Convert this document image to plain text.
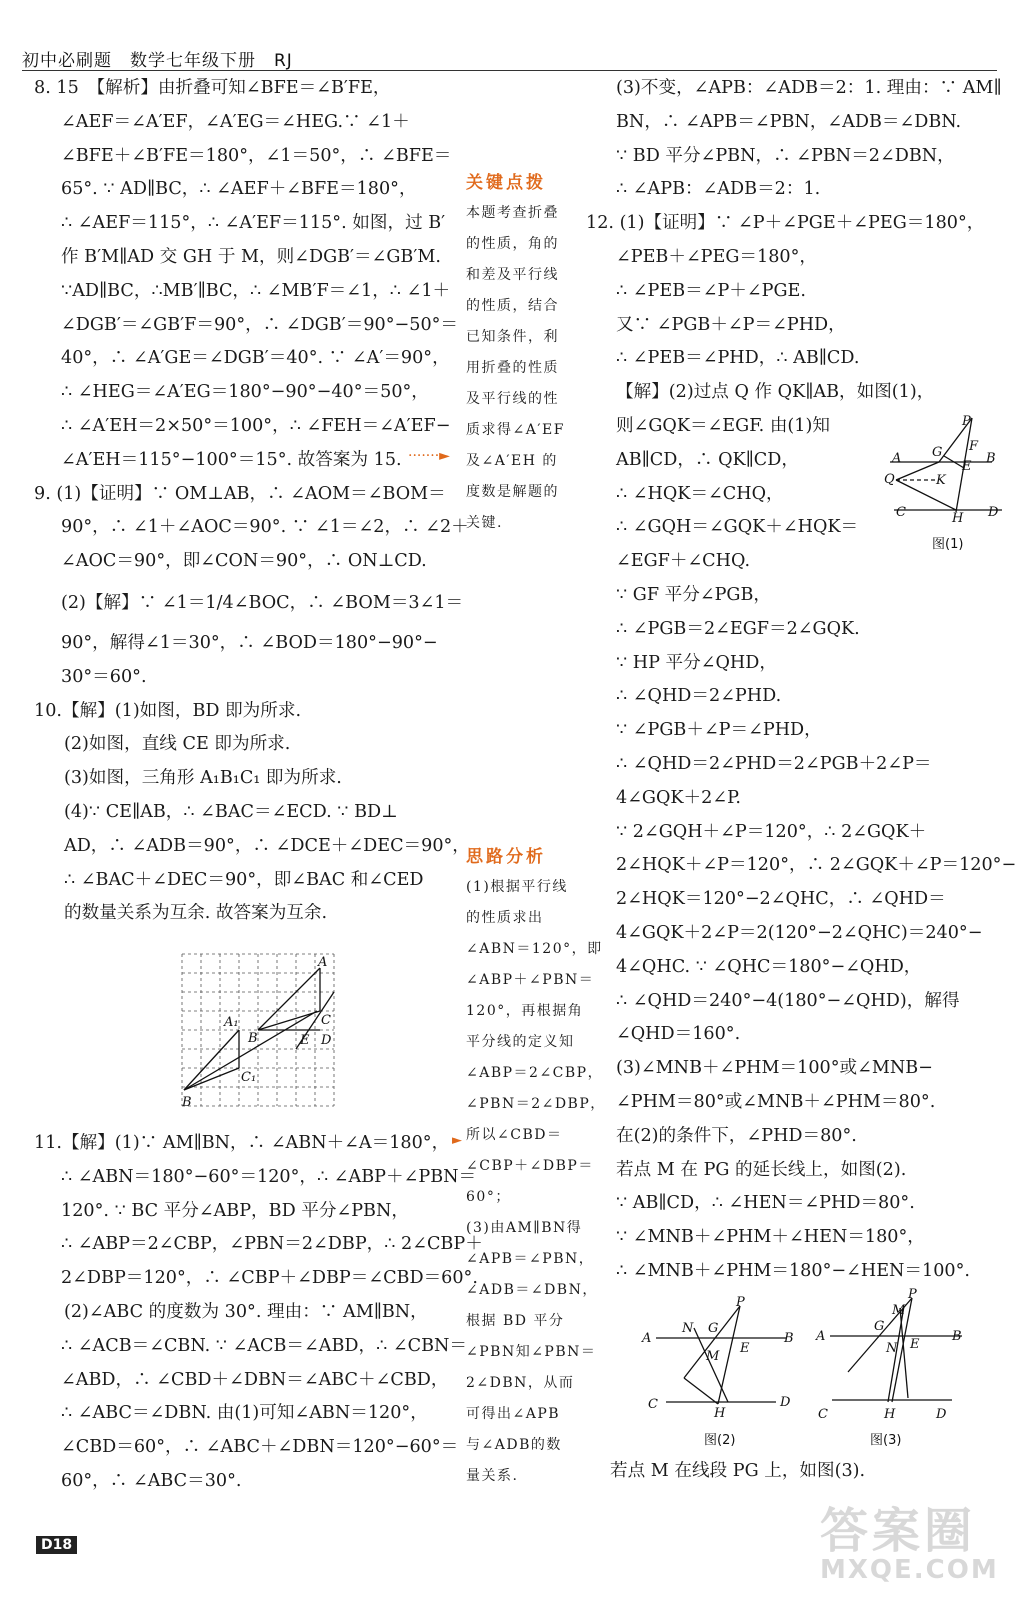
初中必刷题　数学七年级下册　RJ
8. 15　【解析】由折叠可知∠BFE＝∠B′FE，
∠AEF＝∠A′EF，∠A′EG＝∠HEG.∵ ∠1＋
∠BFE＋∠B′FE＝180°，∠1＝50°，∴ ∠BFE＝
65°. ∵ AD∥BC，∴ ∠AEF＋∠BFE＝180°，
∴ ∠AEF＝115°，∴ ∠A′EF＝115°. 如图，过 B′
作 B′M∥AD 交 GH 于 M，则∠DGB′＝∠GB′M.
∵AD∥BC，∴MB′∥BC，∴ ∠MB′F＝∠1，∴ ∠1＋
∠DGB′＝∠GB′F＝90°，∴ ∠DGB′＝90°−50°＝
40°，∴ ∠A′GE＝∠DGB′＝40°. ∵ ∠A′＝90°，
∴ ∠HEG＝∠A′EG＝180°−90°−40°＝50°，
∴ ∠A′EH＝2×50°＝100°，∴ ∠FEH＝∠A′EF−
∠A′EH＝115°−100°＝15°. 故答案为 15.
9. (1)【证明】∵ OM⊥AB，∴ ∠AOM＝∠BOM＝
90°，∴ ∠1＋∠AOC＝90°. ∵ ∠1＝∠2，∴ ∠2＋
∠AOC＝90°，即∠CON＝90°，∴ ON⊥CD.
(2)【解】∵ ∠1＝1/4∠BOC，∴ ∠BOM＝3∠1＝
90°，解得∠1＝30°，∴ ∠BOD＝180°−90°−
30°＝60°.
10.【解】(1)如图，BD 即为所求.
(2)如图，直线 CE 即为所求.
(3)如图，三角形 A₁B₁C₁ 即为所求.
(4)∵ CE∥AB，∴ ∠BAC＝∠ECD. ∵ BD⊥
AD，∴ ∠ADB＝90°，∴ ∠DCE＋∠DEC＝90°，
∴ ∠BAC＋∠DEC＝90°，即∠BAC 和∠CED
的数量关系为互余. 故答案为互余.
A
A₁
B
C
E D
C₁
B
11.【解】(1)∵ AM∥BN，∴ ∠ABN＋∠A＝180°，
∴ ∠ABN＝180°−60°＝120°，∴ ∠ABP＋∠PBN＝
120°. ∵ BC 平分∠ABP，BD 平分∠PBN，
∴ ∠ABP＝2∠CBP，∠PBN＝2∠DBP，∴ 2∠CBP＋
2∠DBP＝120°，∴ ∠CBP＋∠DBP＝∠CBD＝60°.
(2)∠ABC 的度数为 30°. 理由：∵ AM∥BN，
∴ ∠ACB＝∠CBN. ∵ ∠ACB＝∠ABD，∴ ∠CBN＝
∠ABD，∴ ∠CBD＋∠DBN＝∠ABC＋∠CBD，
∴ ∠ABC＝∠DBN. 由(1)可知∠ABN＝120°，
∠CBD＝60°，∴ ∠ABC＋∠DBN＝120°−60°＝
60°，∴ ∠ABC＝30°.
关键点拨
本题考查折叠
的性质，角的
和差及平行线
的性质，结合
已知条件，利
用折叠的性质
及平行线的性
质求得∠A′EF
及∠A′EH 的
度数是解题的
关键.
·······►
思路分析
(1)根据平行线
的性质求出
∠ABN＝120°，即
∠ABP＋∠PBN＝
120°，再根据角
平分线的定义知
∠ABP＝2∠CBP，
∠PBN＝2∠DBP，
所以∠CBD＝
∠CBP＋∠DBP＝
60°；
(3)由AM∥BN得
∠APB＝∠PBN，
∠ADB＝∠DBN，
根据 BD 平分
∠PBN知∠PBN＝
2∠DBN，从而
可得出∠APB
与∠ADB的数
量关系.
►
(3)不变，∠APB：∠ADB＝2：1. 理由：∵ AM∥
BN，∴ ∠APB＝∠PBN，∠ADB＝∠DBN.
∵ BD 平分∠PBN，∴ ∠PBN＝2∠DBN，
∴ ∠APB：∠ADB＝2：1.
12. (1)【证明】∵ ∠P＋∠PGE＋∠PEG＝180°，
∠PEB＋∠PEG＝180°，
∴ ∠PEB＝∠P＋∠PGE.
又∵ ∠PGB＋∠P＝∠PHD，
∴ ∠PEB＝∠PHD，∴ AB∥CD.
【解】(2)过点 Q 作 QK∥AB，如图(1)，
则∠GQK＝∠EGF. 由(1)知
AB∥CD，∴ QK∥CD，
∴ ∠HQK＝∠CHQ，
∴ ∠GQH＝∠GQK＋∠HQK＝
∠EGF＋∠CHQ.
∵ GF 平分∠PGB，
∴ ∠PGB＝2∠EGF＝2∠GQK.
∵ HP 平分∠QHD，
∴ ∠QHD＝2∠PHD.
∵ ∠PGB＋∠P＝∠PHD，
∴ ∠QHD＝2∠PHD＝2∠PGB＋2∠P＝
4∠GQK＋2∠P.
∵ 2∠GQH＋∠P＝120°，∴ 2∠GQK＋
2∠HQK＋∠P＝120°，∴ 2∠GQK＋∠P＝120°−
2∠HQK＝120°−2∠QHC，∴ ∠QHD＝
4∠GQK＋2∠P＝2(120°−2∠QHC)＝240°−
4∠QHC. ∵ ∠QHC＝180°−∠QHD，
∴ ∠QHD＝240°−4(180°−∠QHD)，解得
∠QHD＝160°.
(3)∠MNB＋∠PHM＝100°或∠MNB−
∠PHM＝80°或∠MNB＋∠PHM＝80°.
在(2)的条件下，∠PHD＝80°.
若点 M 在 PG 的延长线上，如图(2).
∵ AB∥CD，∴ ∠HEN＝∠PHD＝80°.
∵ ∠MNB＋∠PHM＋∠HEN＝180°，
∴ ∠MNB＋∠PHM＝180°−∠HEN＝100°.
P
G F
E
A	B
Q	K
C	H D
图(1)
P
N G
E
M
A	B
C
H
D
图(2)
P
M
G
N E
A	B
C	H	D
图(3)
若点 M 在线段 PG 上，如图(3).
D18	答案圈
MXQE.COM
